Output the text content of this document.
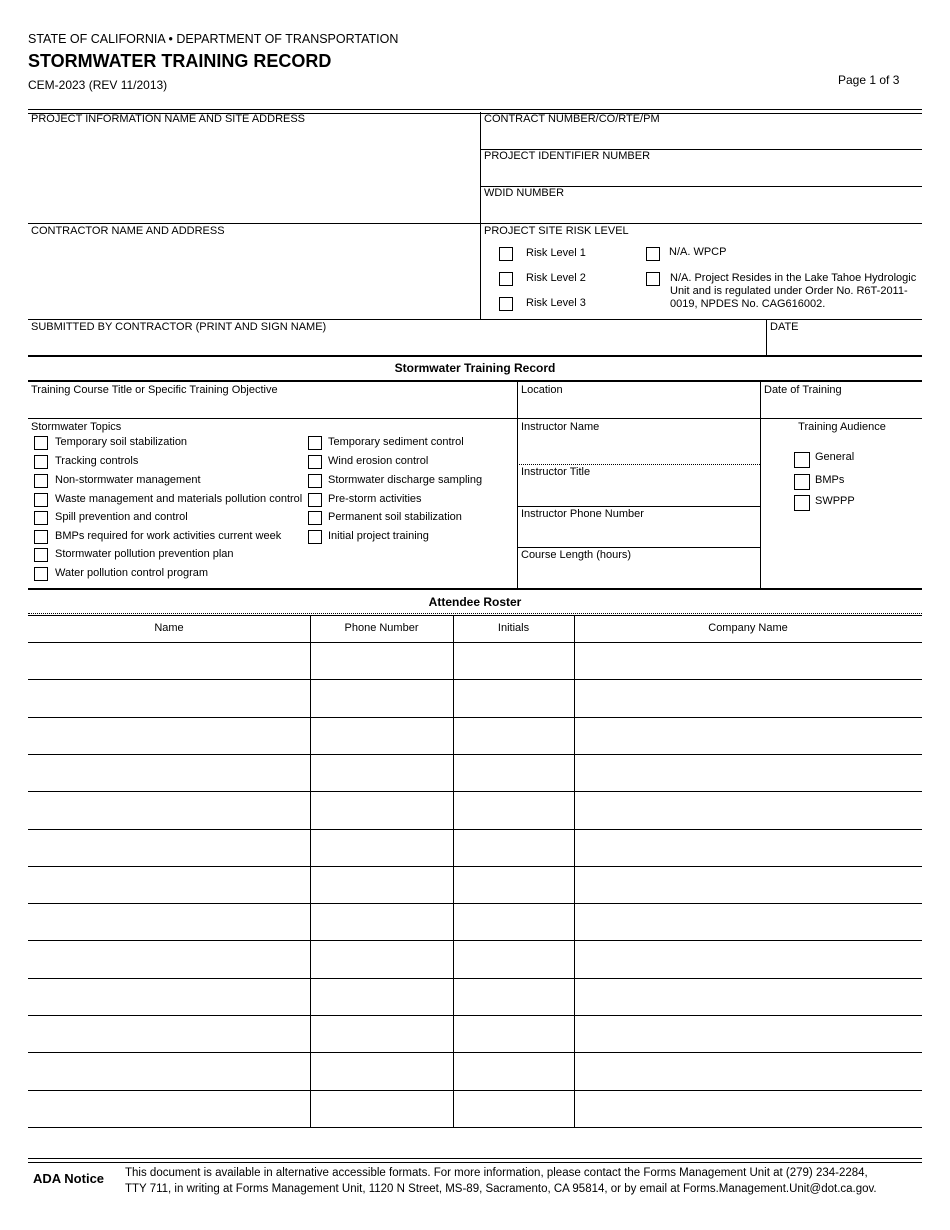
STATE OF CALIFORNIA • DEPARTMENT OF TRANSPORTATION
STORMWATER TRAINING RECORD
CEM-2023 (REV 11/2013)	Page 1 of 3
PROJECT INFORMATION NAME AND SITE ADDRESS	CONTRACT NUMBER/CO/RTE/PM
PROJECT IDENTIFIER NUMBER
WDID NUMBER
CONTRACTOR NAME AND ADDRESS	PROJECT SITE RISK LEVEL
Risk Level 1
Risk Level 2
Risk Level 3
N/A. WPCP
N/A. Project Resides in the Lake Tahoe Hydrologic
Unit and is regulated under Order No. R6T-2011-
0019, NPDES No. CAG616002.
SUBMITTED BY CONTRACTOR (PRINT AND SIGN NAME)	DATE
Stormwater Training Record
Training Course Title or Specific Training Objective	Location	Date of Training
Stormwater Topics
Temporary soil stabilization
Tracking controls
Non-stormwater management
Waste management and materials pollution control
Spill prevention and control
BMPs required for work activities current week
Stormwater pollution prevention plan
Water pollution control program
Temporary sediment control
Wind erosion control
Stormwater discharge sampling
Pre-storm activities
Permanent soil stabilization
Initial project training
Instructor Name
Instructor Title
Instructor Phone Number
Course Length (hours)
Training Audience
General
BMPs
SWPPP
Attendee Roster
Name	Phone Number	Initials	Company Name
ADA Notice This document is available in alternative accessible formats. For more information, please contact the Forms Management Unit at (279) 234-2284,
TTY 711, in writing at Forms Management Unit, 1120 N Street, MS-89, Sacramento, CA 95814, or by email at Forms.Management.Unit@dot.ca.gov.
